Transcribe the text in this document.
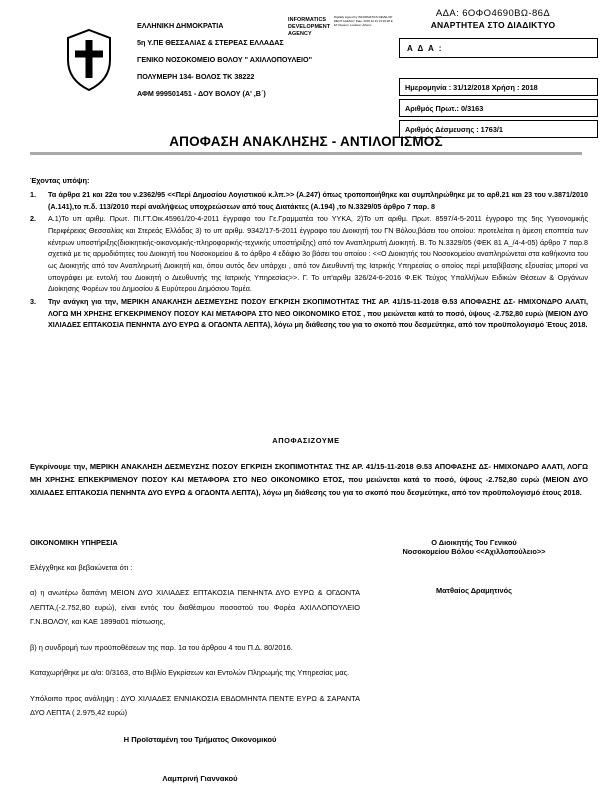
ΑΔΑ: 6ΟΦΟ4690ΒΩ-86Δ
ΑΝΑΡΤΗΤΕΑ ΣΤΟ ΔΙΑΔΙΚΤΥΟ
INFORMATICS
DEVELOPMENT
AGENCY
Digitally signed by INFORMATICS DEVELOPMENT AGENCY Date: 2018.12.31 13:26:28 EET Reason: Location: Athens
ΕΛΛΗΝΙΚΗ ΔΗΜΟΚΡΑΤΙΑ
5η Υ.ΠΕ ΘΕΣΣΑΛΙΑΣ & ΣΤΕΡΕΑΣ ΕΛΛΑΔΑΣ
ΓΕΝΙΚΟ ΝΟΣΟΚΟΜΕΙΟ ΒΟΛΟΥ " ΑΧΙΛΛΟΠΟΥΛΕΙΟ"
ΠΟΛΥΜΕΡΗ 134- ΒΟΛΟΣ ΤΚ 38222
ΑΦΜ 999501451 - ΔΟΥ ΒΟΛΟΥ (Α' ,Β΄)
Α Δ Α :
Ημερομηνία : 31/12/2018 Χρήση : 2018
Αριθμός Πρωτ.: 0/3163
Αριθμός Δέσμευσης : 1763/1
ΑΠΟΦΑΣΗ ΑΝΑΚΛΗΣΗΣ - ΑΝΤΙΛΟΓΙΣΜΟΣ
Έχοντας υπόψη:
1.	Τα άρθρα 21 και 22α του ν.2362/95 <<Περί Δημοσίου Λογιστικού κ.λπ.>> (Α.247) όπως τροποποιήθηκε και συμπληρώθηκε με το αρθ.21 και 23 του ν.3871/2010 (Α.141),το π.δ. 113/2010 περί αναλήψεως υποχρεώσεων από τους Διατάκτες (Α.194) ,το Ν.3329/05 άρθρο 7 παρ. 8
2.	Α.1)Το υπ αριθμ. Πρωτ. ΠΙ.ΓΤ.Οικ.45961/20-4-2011 έγγραφο του Γε.Γραμματέα του ΥΥΚΑ, 2)Το υπ αριθμ. Πρωτ. 8597/4-5-2011 έγγραφο της 5ης Υγειονομικής Περιφέρειας Θεσσαλίας και Στερεάς Ελλάδας 3) το υπ αριθμ. 9342/17-5-2011 έγγραφο του Διοικητή του ΓΝ Βόλου,βάσει του οποίου: προτελείται η άμεση εποπτεία των κέντρων υποστήριξης(διοικητικής-οικονομικής-πληροφορικής-τεχνικής υποστήριξης) από τον Αναπληρωτή Διοικητή. Β. Το Ν.3329/05 (ΦΕΚ 81 Α_/4-4-05) άρθρο 7 παρ.8 σχετικά με τις αρμοδιότητες του Διοικητή του Νοσοκομείου & το άρθρο 4 εδάφιο 3ο βάσει του οποίου : <<Ο Διοικητής του Νοσοκομείου αναπληρώνεται στα καθήκοντα του ως Διοικητής από τον Αναπληρωτή Διοικητή και, όπου αυτός δεν υπάρχει , από τον Διευθυντή της Ιατρικής Υπηρεσίας ο οποίος περί μεταβίβασης εξουσίας μπορεί να υπογράφει με εντολή του Διοικητή ο Διευθυντής της Ιατρικής Υπηρεσίας>>. Γ. Το υπ'αριθμ 326/24-6-2016 Φ.ΕΚ Τεύχος Υπαλλήλων Ειδικών Θέσεων & Οργάνων Διοίκησης Φορέων του Δημοσίου & Ευρύτερου Δημόσιου Τομέα.
3.	Την ανάγκη για την, ΜΕΡΙΚΗ ΑΝΑΚΛΗΣΗ ΔΕΣΜΕΥΣΗΣ ΠΟΣΟΥ ΕΓΚΡΙΣΗ ΣΚΟΠΙΜΟΤΗΤΑΣ ΤΗΣ ΑΡ. 41/15-11-2018 Θ.53 ΑΠΟΦΑΣΗΣ ΔΣ- ΗΜΙΧΟΝΔΡΟ ΑΛΑΤΙ, ΛΟΓΩ ΜΗ ΧΡΗΣΗΣ ΕΓΚΕΚΡΙΜΕΝΟΥ ΠΟΣΟΥ ΚΑΙ ΜΕΤΑΦΟΡΑ ΣΤΟ ΝΕΟ ΟΙΚΟΝΟΜΙΚΟ ΕΤΟΣ , που μειώνεται κατά το ποσό, ύψους -2.752,80 ευρώ (ΜΕΙΟΝ ΔΥΟ ΧΙΛΙΑΔΕΣ ΕΠΤΑΚΟΣΙΑ ΠΕΝΗΝΤΑ ΔΥΟ ΕΥΡΩ & ΟΓΔΟΝΤΑ ΛΕΠΤΑ), λόγω μη διάθεσης του για το σκοπό που δεσμεύτηκε, από τον προϋπολογισμό Έτους 2018.
ΑΠΟΦΑΣΙΖΟΥΜΕ
Εγκρίνουμε την, ΜΕΡΙΚΗ ΑΝΑΚΛΗΣΗ ΔΕΣΜΕΥΣΗΣ ΠΟΣΟΥ ΕΓΚΡΙΣΗ ΣΚΟΠΙΜΟΤΗΤΑΣ ΤΗΣ ΑΡ. 41/15-11-2018 Θ.53 ΑΠΟΦΑΣΗΣ ΔΣ- ΗΜΙΧΟΝΔΡΟ ΑΛΑΤΙ, ΛΟΓΩ ΜΗ ΧΡΗΣΗΣ ΕΠΚΕΚΡΙΜΕΝΟΥ ΠΟΣΟΥ ΚΑΙ ΜΕΤΑΦΟΡΑ ΣΤΟ ΝΕΟ ΟΙΚΟΝΟΜΙΚΟ ΕΤΟΣ, που μειώνεται κατά το ποσό, ύψους -2.752,80 ευρώ (ΜΕΙΟΝ ΔΥΟ ΧΙΛΙΑΔΕΣ ΕΠΤΑΚΟΣΙΑ ΠΕΝΗΝΤΑ ΔΥΟ ΕΥΡΩ & ΟΓΔΟΝΤΑ ΛΕΠΤΑ), λόγω μη διάθεσης του για το σκοπό που δεσμεύτηκε, από τον προϋπολογισμό έτους 2018.
ΟΙΚΟΝΟΜΙΚΗ ΥΠΗΡΕΣΙΑ

Ελέγχθηκε και βεβαιώνεται ότι :

α) η ανωτέρω δαπάνη ΜΕΙΟΝ ΔΥΟ ΧΙΛΙΑΔΕΣ ΕΠΤΑΚΟΣΙΑ ΠΕΝΗΝΤΑ ΔΥΟ ΕΥΡΩ & ΟΓΔΟΝΤΑ ΛΕΠΤΑ,(-2.752,80 ευρώ), είναι εντός του διαθέσιμου ποσοστού του Φορέα ΑΧΙΛΛΟΠΟΥΛΕΙΟ Γ.Ν.ΒΟΛΟΥ, και ΚΑΕ 1899α01 πίστωσης,

β) η συνδρομή των προϋποθέσεων της παρ. 1α του άρθρου 4 του Π.Δ. 80/2016.

Καταχωρήθηκε με α/α: 0/3163, στο Βιβλίο Εγκρίσεων και Εντολών Πληρωμής της Υπηρεσίας μας.

Υπόλοιπο προς ανάληψη : ΔΥΟ ΧΙΛΙΑΔΕΣ ΕΝΝΙΑΚΟΣΙΑ ΕΒΔΟΜΗΝΤΑ ΠΕΝΤΕ ΕΥΡΩ & ΣΑΡΑΝΤΑ ΔΥΟ ΛΕΠΤΑ ( 2.975,42 ευρώ)

Ο Διοικητής Του Γενικού
Νοσοκομείου Βόλου <<Αχιλλοπούλειο>>
Ματθαίος Δραμητινός
Η Προϊσταμένη του Τμήματος Οικονομικού
Λαμπρινή Γιαννακού
